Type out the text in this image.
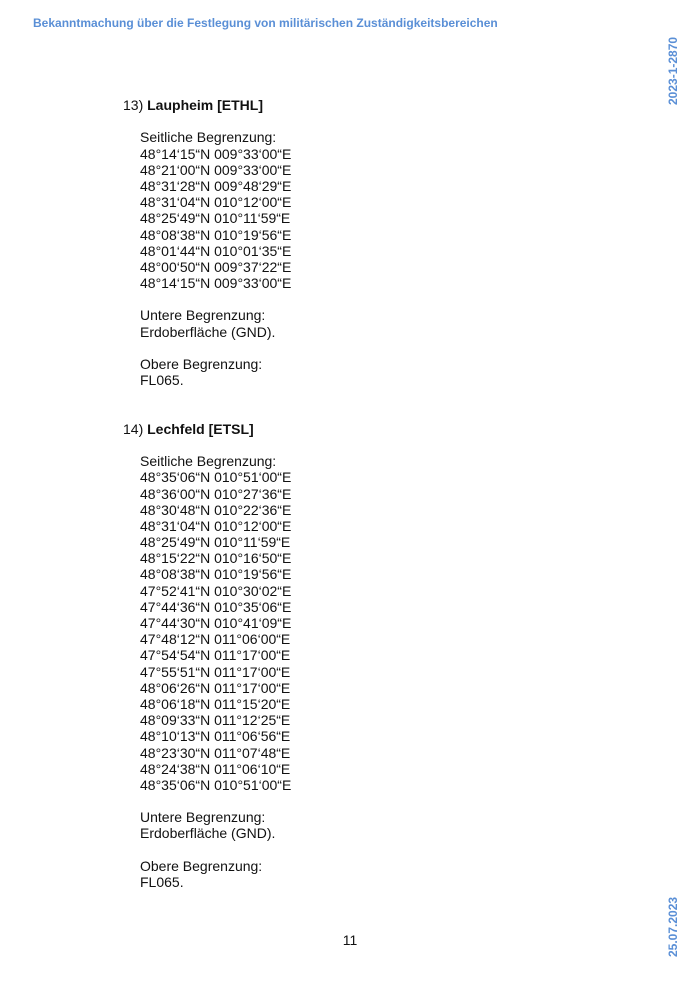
Bekanntmachung über die Festlegung von militärischen Zuständigkeitsbereichen
2023-1-2870
25.07.2023
13) Laupheim [ETHL]
Seitliche Begrenzung:
48°14‘15“N 009°33‘00“E
48°21‘00“N 009°33‘00“E
48°31‘28“N 009°48‘29“E
48°31‘04“N 010°12‘00“E
48°25‘49“N 010°11‘59“E
48°08‘38“N 010°19‘56“E
48°01‘44“N 010°01‘35“E
48°00‘50“N 009°37‘22“E
48°14‘15“N 009°33‘00“E
Untere Begrenzung:
Erdoberfläche (GND).
Obere Begrenzung:
FL065.
14) Lechfeld [ETSL]
Seitliche Begrenzung:
48°35‘06“N 010°51‘00“E
48°36‘00“N 010°27‘36“E
48°30‘48“N 010°22‘36“E
48°31‘04“N 010°12‘00“E
48°25‘49“N 010°11‘59“E
48°15‘22“N 010°16‘50“E
48°08‘38“N 010°19‘56“E
47°52‘41“N 010°30‘02“E
47°44‘36“N 010°35‘06“E
47°44‘30“N 010°41‘09“E
47°48‘12“N 011°06‘00“E
47°54‘54“N 011°17‘00“E
47°55‘51“N 011°17‘00“E
48°06‘26“N 011°17‘00“E
48°06‘18“N 011°15‘20“E
48°09‘33“N 011°12‘25“E
48°10‘13“N 011°06‘56“E
48°23‘30“N 011°07‘48“E
48°24‘38“N 011°06‘10“E
48°35‘06“N 010°51‘00“E
Untere Begrenzung:
Erdoberfläche (GND).
Obere Begrenzung:
FL065.
11
